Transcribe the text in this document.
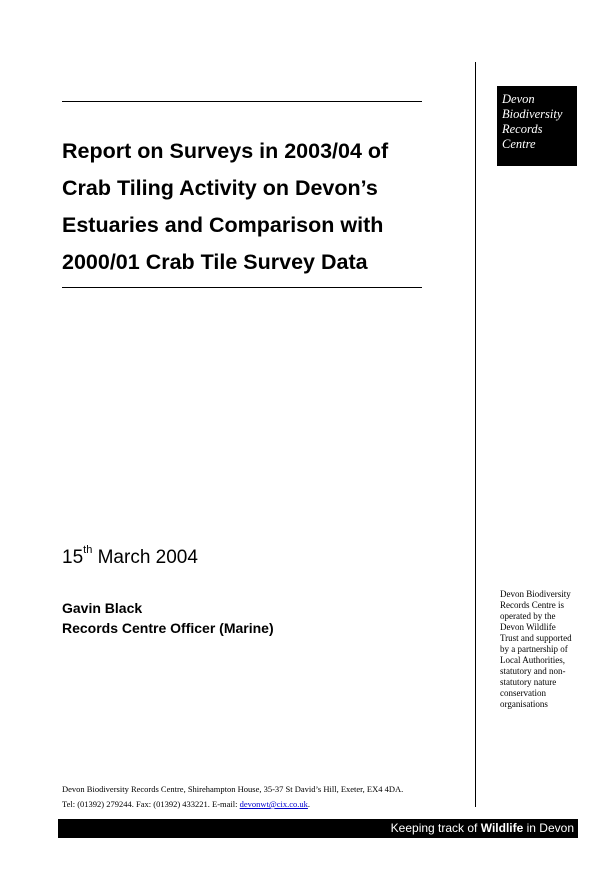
Report on Surveys in 2003/04 of
Crab Tiling Activity on Devon’s
Estuaries and Comparison with
2000/01 Crab Tile Survey Data
Devon
Biodiversity
Records
Centre
15th March 2004
Gavin Black
Records Centre Officer (Marine)
Devon Biodiversity
Records Centre is
operated by the
Devon Wildlife
Trust and supported
by a partnership of
Local Authorities,
statutory and non-
statutory nature
conservation
organisations
Devon Biodiversity Records Centre, Shirehampton House, 35-37 St David’s Hill, Exeter, EX4 4DA.
Tel: (01392) 279244. Fax: (01392) 433221. E-mail: devonwt@cix.co.uk.
Keeping track of Wildlife in Devon
